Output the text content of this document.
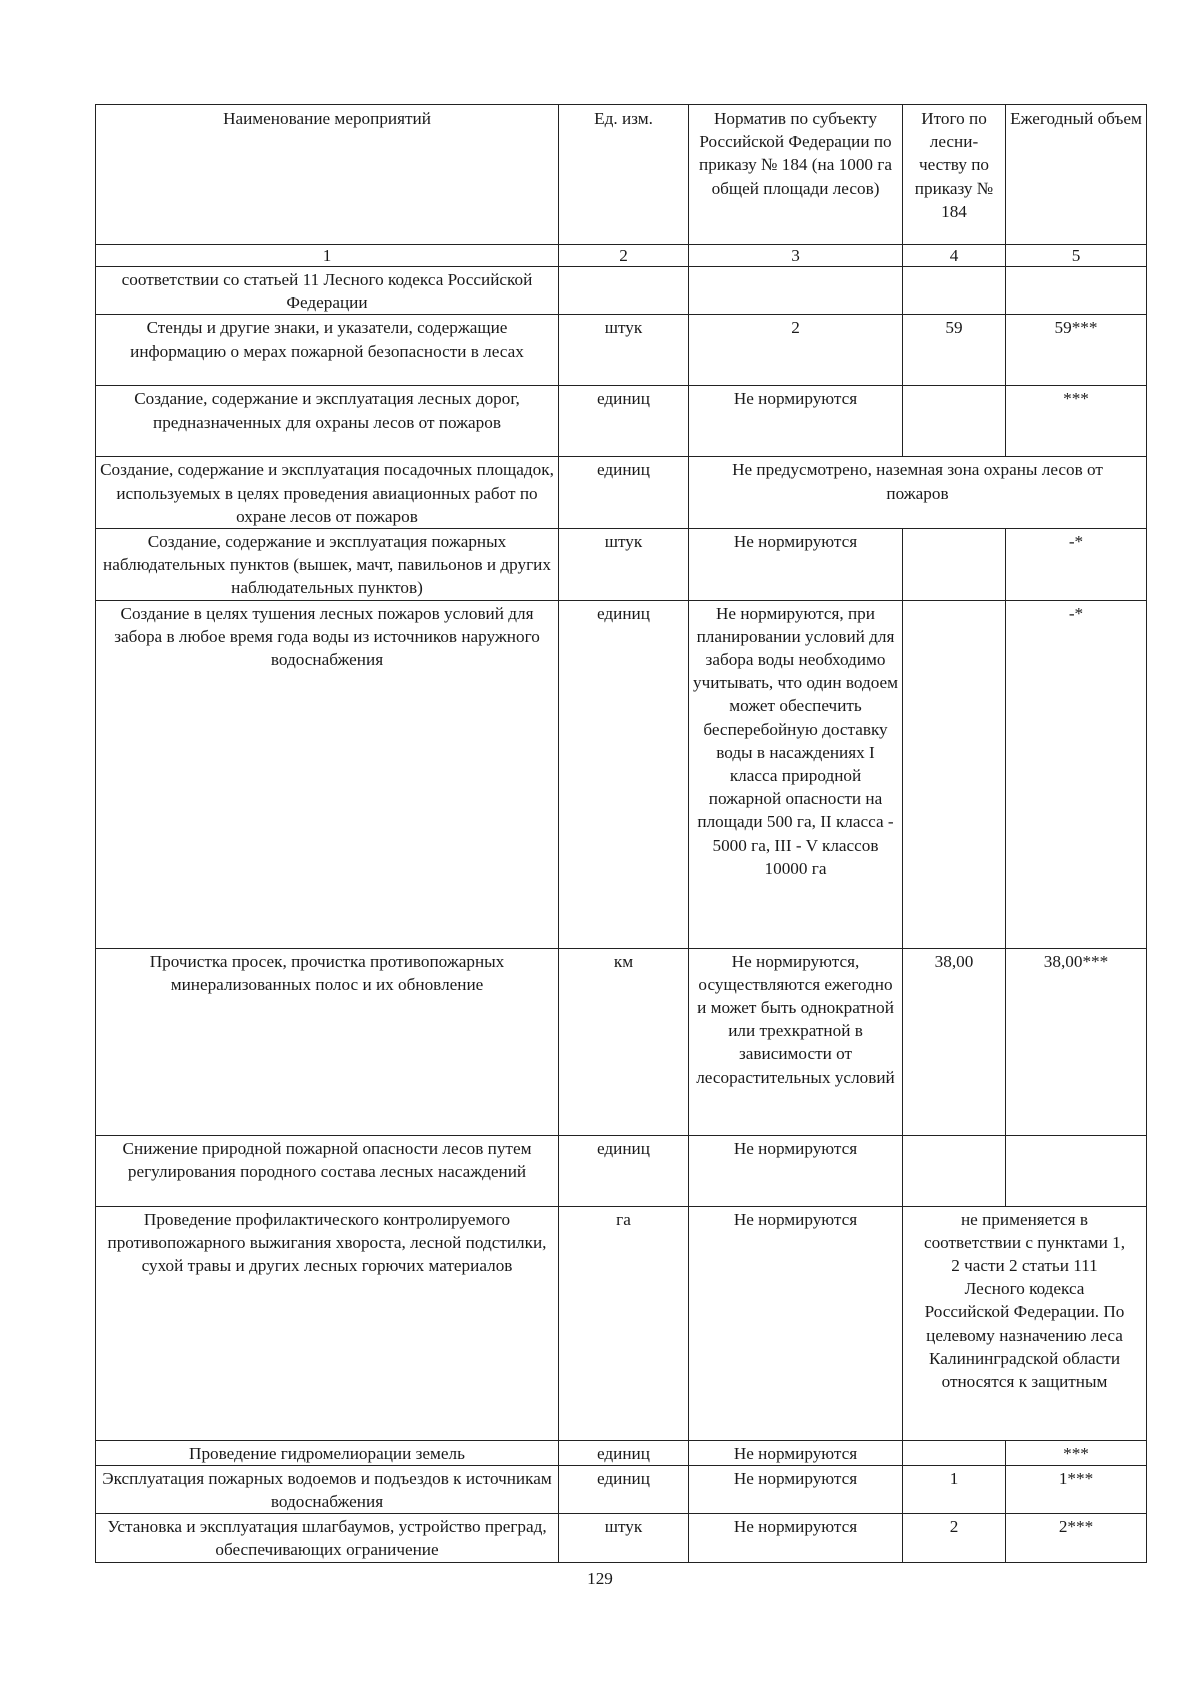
Наименование мероприятий	Ед. изм.	Норматив по субъекту Российской Федерации по приказу № 184 (на 1000 га общей площади лесов)	Итого по лесни-честву по приказу № 184	Ежегодный объем
1	2	3	4	5
соответствии со статьей 11 Лесного кодекса Российской Федерации				
Стенды и другие знаки, и указатели, содержащие информацию о мерах пожарной безопасности в лесах	штук	2	59	59***
Создание, содержание и эксплуатация лесных дорог, предназначенных для охраны лесов от пожаров	единиц	Не нормируются		***
Создание, содержание и эксплуатация посадочных площадок, используемых в целях проведения авиационных работ по охране лесов от пожаров	единиц	Не предусмотрено, наземная зона охраны лесов от пожаров		
Создание, содержание и эксплуатация пожарных наблюдательных пунктов (вышек, мачт, павильонов и других наблюдательных пунктов)	штук	Не нормируются		-*
Создание в целях тушения лесных пожаров условий для забора в любое время года воды из источников наружного водоснабжения	единиц	Не нормируются, при планировании условий для забора воды необходимо учитывать, что один водоем может обеспечить бесперебойную доставку воды в насаждениях I класса природной пожарной опасности на площади 500 га, II класса - 5000 га, III - V классов 10000 га		-*
Прочистка просек, прочистка противопожарных минерализованных полос и их обновление	км	Не нормируются, осуществляются ежегодно и может быть однократной или трехкратной в зависимости от лесорастительных условий	38,00	38,00***
Снижение природной пожарной опасности лесов путем регулирования породного состава лесных насаждений	единиц	Не нормируются		
Проведение профилактического контролируемого противопожарного выжигания хвороста, лесной подстилки, сухой травы и других лесных горючих материалов	га	Не нормируются	не применяется в соответствии с пунктами 1, 2 части 2 статьи 111 Лесного кодекса Российской Федерации. По целевому назначению леса Калининградской области относятся к защитным	
Проведение гидромелиорации земель	единиц	Не нормируются		***
Эксплуатация пожарных водоемов и подъездов к источникам водоснабжения	единиц	Не нормируются	1	1***
Установка и эксплуатация шлагбаумов, устройство преград, обеспечивающих ограничение	штук	Не нормируются	2	2***
129
